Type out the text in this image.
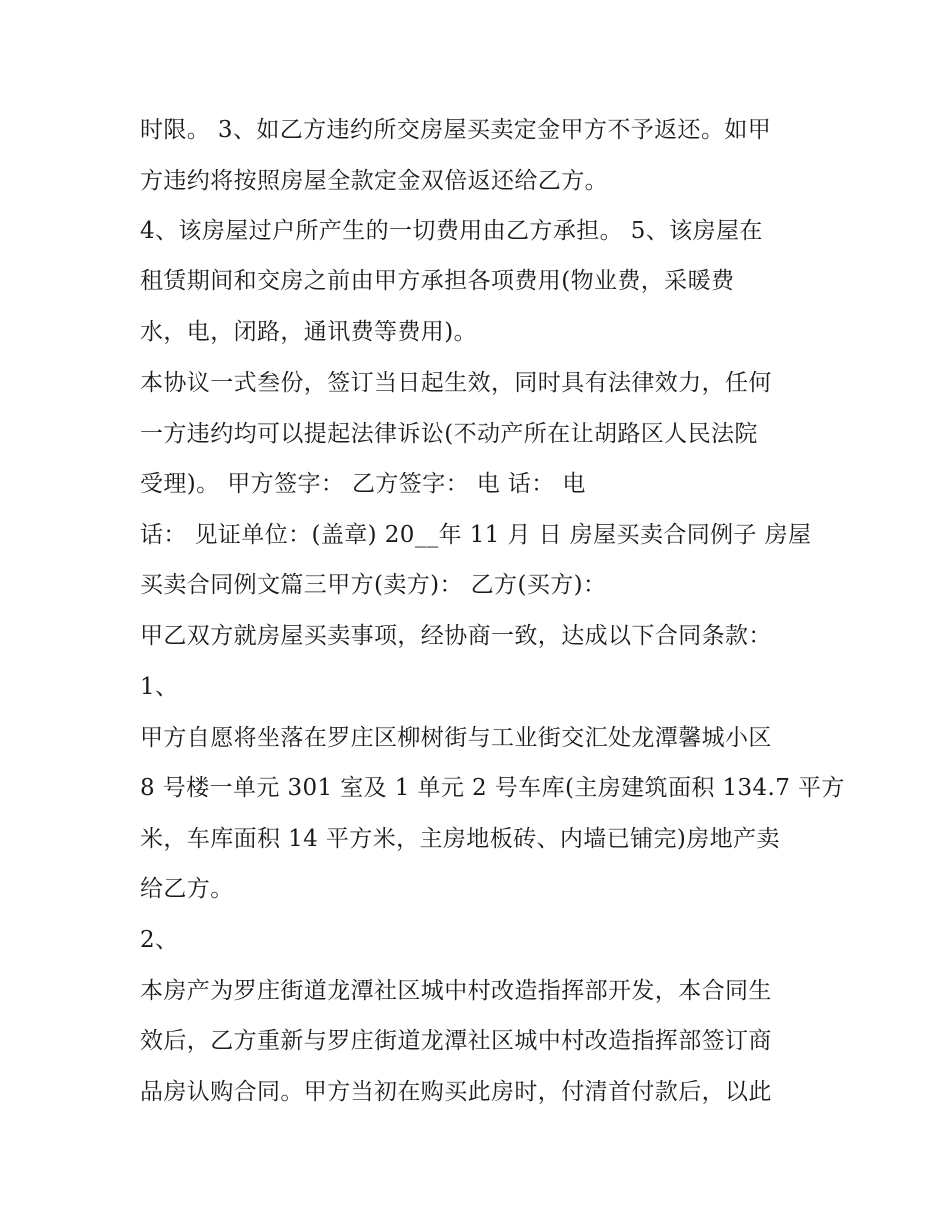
时限。 3、如乙方违约所交房屋买卖定金甲方不予返还。如甲
方违约将按照房屋全款定金双倍返还给乙方。
4、该房屋过户所产生的一切费用由乙方承担。 5、该房屋在
租赁期间和交房之前由甲方承担各项费用(物业费，采暖费
水，电，闭路，通讯费等费用)。
本协议一式叁份，签订当日起生效，同时具有法律效力，任何
一方违约均可以提起法律诉讼(不动产所在让胡路区人民法院
受理)。 甲方签字： 乙方签字： 电 话： 电
话： 见证单位：(盖章) 20__年 11 月 日 房屋买卖合同例子 房屋
买卖合同例文篇三甲方(卖方)： 乙方(买方)：
甲乙双方就房屋买卖事项，经协商一致，达成以下合同条款：
1、
甲方自愿将坐落在罗庄区柳树街与工业街交汇处龙潭馨城小区
8 号楼一单元 301 室及 1 单元 2 号车库(主房建筑面积 134.7 平方
米，车库面积 14 平方米，主房地板砖、内墙已铺完)房地产卖
给乙方。
2、
本房产为罗庄街道龙潭社区城中村改造指挥部开发，本合同生
效后，乙方重新与罗庄街道龙潭社区城中村改造指挥部签订商
品房认购合同。甲方当初在购买此房时，付清首付款后，以此
